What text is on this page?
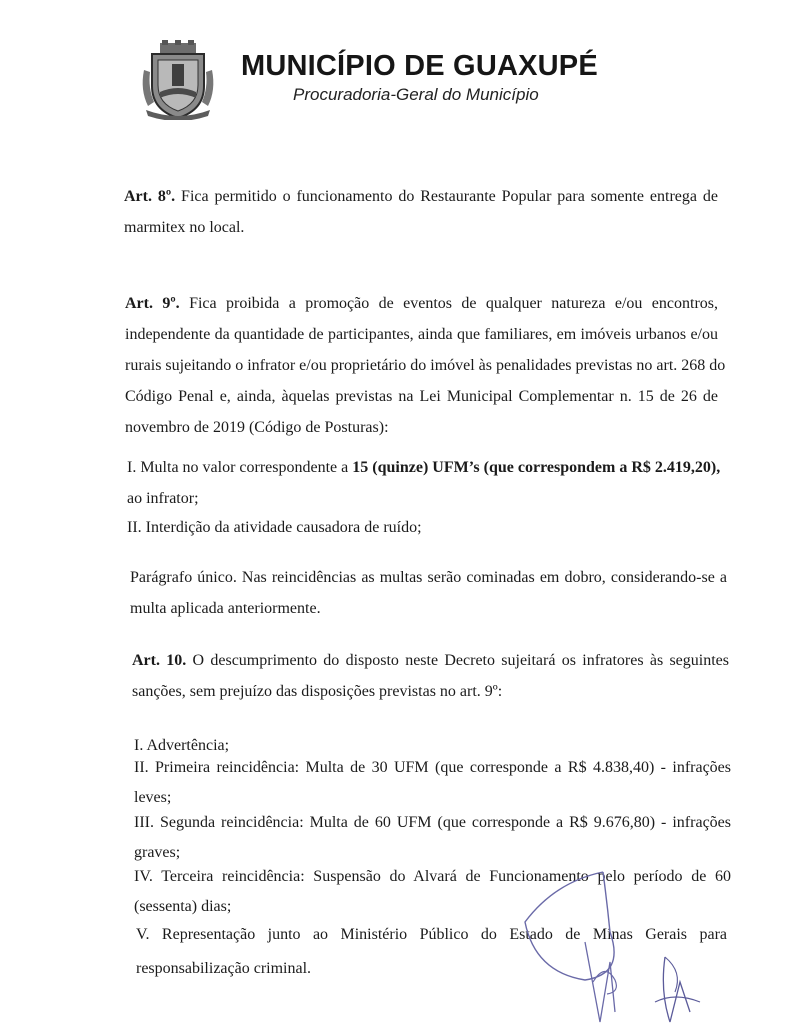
MUNICÍPIO DE GUAXUPÉ
Procuradoria-Geral do Município
Art. 8º. Fica permitido o funcionamento do Restaurante Popular para somente entrega de
marmitex no local.
Art. 9º. Fica proibida a promoção de eventos de qualquer natureza e/ou encontros,
independente da quantidade de participantes, ainda que familiares, em imóveis urbanos e/ou
rurais sujeitando o infrator e/ou proprietário do imóvel às penalidades previstas no art. 268 do
Código Penal e, ainda, àquelas previstas na Lei Municipal Complementar n. 15 de 26 de
novembro de 2019 (Código de Posturas):
I. Multa no valor correspondente a 15 (quinze) UFM’s (que correspondem a R$ 2.419,20),
ao infrator;
II. Interdição da atividade causadora de ruído;
Parágrafo único. Nas reincidências as multas serão cominadas em dobro, considerando-se a
multa aplicada anteriormente.
Art. 10. O descumprimento do disposto neste Decreto sujeitará os infratores às seguintes
sanções, sem prejuízo das disposições previstas no art. 9º:
I. Advertência;
II. Primeira reincidência: Multa de 30 UFM (que corresponde a R$ 4.838,40) - infrações
leves;
III. Segunda reincidência: Multa de 60 UFM (que corresponde a R$ 9.676,80) - infrações
graves;
IV. Terceira reincidência: Suspensão do Alvará de Funcionamento pelo período de 60
(sessenta) dias;
V. Representação junto ao Ministério Público do Estado de Minas Gerais para
responsabilização criminal.
